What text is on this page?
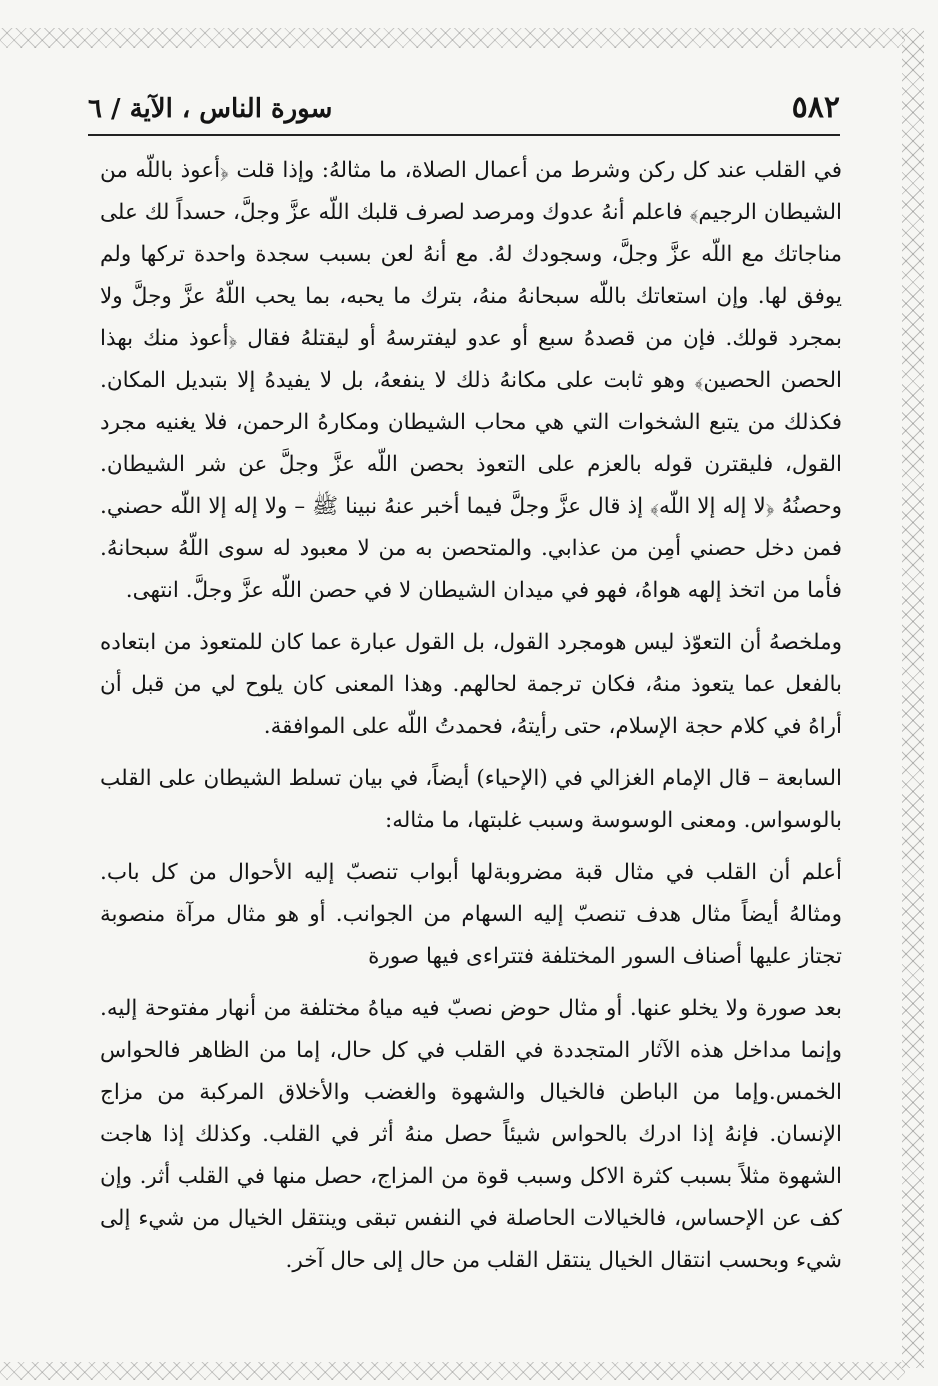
٥٨٢
سورة الناس ، الآية / ٦

في القلب عند كل ركن وشرط من أعمال الصلاة، ما مثالهُ: وإذا قلت ﴿أعوذ باللّه من الشيطان الرجيم﴾ فاعلم أنهُ عدوك ومرصد لصرف قلبك اللّه عزَّ وجلَّ، حسداً لك على مناجاتك مع اللّه عزَّ وجلَّ، وسجودك لهُ. مع أنهُ لعن بسبب سجدة واحدة تركها ولم يوفق لها. وإن استعاتك باللّه سبحانهُ منهُ، بترك ما يحبه، بما يحب اللّهُ عزَّ وجلَّ ولا بمجرد قولك. فإن من قصدهُ سبع أو عدو ليفترسهُ أو ليقتلهُ فقال ﴿أعوذ منك بهذا الحصن الحصين﴾ وهو ثابت على مكانهُ ذلك لا ينفعهُ، بل لا يفيدهُ إلا بتبديل المكان. فكذلك من يتبع الشخوات التي هي محاب الشيطان ومكارهُ الرحمن، فلا يغنيه مجرد القول، فليقترن قوله بالعزم على التعوذ بحصن اللّه عزَّ وجلَّ عن شر الشيطان. وحصنُهُ ﴿لا إله إلا اللّه﴾ إذ قال عزَّ وجلَّ فيما أخبر عنهُ نبينا ﷺ – ولا إله إلا اللّه حصني. فمن دخل حصني أمِن من عذابي. والمتحصن به من لا معبود له سوى اللّهُ سبحانهُ. فأما من اتخذ إلهه هواهُ، فهو في ميدان الشيطان لا في حصن اللّه عزَّ وجلَّ. انتهى.

وملخصهُ أن التعوّذ ليس هومجرد القول، بل القول عبارة عما كان للمتعوذ من ابتعاده بالفعل عما يتعوذ منهُ، فكان ترجمة لحالهم. وهذا المعنى كان يلوح لي من قبل أن أراهُ في كلام حجة الإسلام، حتى رأيتهُ، فحمدتُ اللّه على الموافقة.

السابعة – قال الإمام الغزالي في (الإحياء) أيضاً، في بيان تسلط الشيطان على القلب بالوسواس. ومعنى الوسوسة وسبب غلبتها، ما مثاله:

أعلم أن القلب في مثال قبة مضروبةلها أبواب تنصبّ إليه الأحوال من كل باب. ومثالهُ أيضاً مثال هدف تنصبّ إليه السهام من الجوانب. أو هو مثال مرآة منصوبة تجتاز عليها أصناف السور المختلفة فتتراءى فيها صورة

بعد صورة ولا يخلو عنها. أو مثال حوض نصبّ فيه مياهُ مختلفة من أنهار مفتوحة إليه. وإنما مداخل هذه الآثار المتجددة في القلب في كل حال، إما من الظاهر فالحواس الخمس.وإما من الباطن فالخيال والشهوة والغضب والأخلاق المركبة من مزاج الإنسان. فإنهُ إذا ادرك بالحواس شيئاً حصل منهُ أثر في القلب. وكذلك إذا هاجت الشهوة مثلاً بسبب كثرة الاكل وسبب قوة من المزاج، حصل منها في القلب أثر. وإن كف عن الإحساس، فالخيالات الحاصلة في النفس تبقى وينتقل الخيال من شيء إلى شيء وبحسب انتقال الخيال ينتقل القلب من حال إلى حال آخر.
